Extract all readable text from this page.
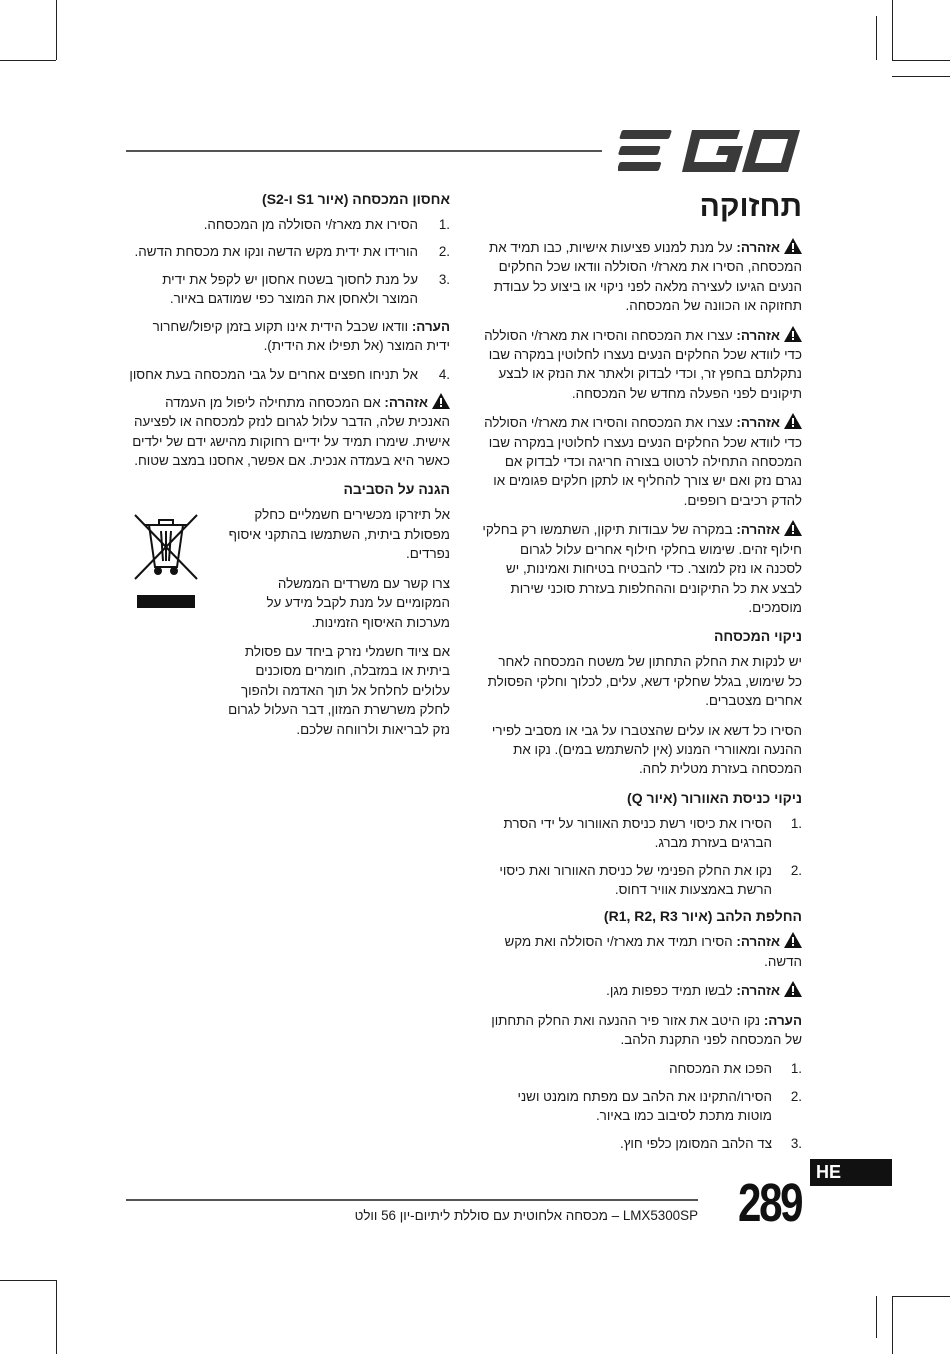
תחזוקה

אזהרה: על מנת למנוע פציעות אישיות, כבו תמיד את המכסחה, הסירו את מארז/י הסוללה וודאו שכל החלקים הנעים הגיעו לעצירה מלאה לפני ניקוי או ביצוע כל עבודת תחזוקה או הכוונה של המכסחה.

אזהרה: עצרו את המכסחה והסירו את מארז/י הסוללה כדי לוודא שכל החלקים הנעים נעצרו לחלוטין במקרה שבו נתקלתם בחפץ זר, וכדי לבדוק ולאתר את הנזק או לבצע תיקונים לפני הפעלה מחדש של המכסחה.

אזהרה: עצרו את המכסחה והסירו את מארז/י הסוללה כדי לוודא שכל החלקים הנעים נעצרו לחלוטין במקרה שבו המכסחה התחילה לרטוט בצורה חריגה וכדי לבדוק אם נגרם נזק ואם יש צורך להחליף או לתקן חלקים פגומים או להדק רכיבים רופפים.

אזהרה: במקרה של עבודות תיקון, השתמשו רק בחלקי חילוף זהים. שימוש בחלקי חילוף אחרים עלול לגרום לסכנה או נזק למוצר. כדי להבטיח בטיחות ואמינות, יש לבצע את כל התיקונים וההחלפות בעזרת סוכני שירות מוסמכים.

ניקוי המכסחה

יש לנקות את החלק התחתון של משטח המכסחה לאחר כל שימוש, בגלל שחלקי דשא, עלים, לכלוך וחלקי הפסולת אחרים מצטברים.

הסירו כל דשא או עלים שהצטברו על גבי או מסביב לפירי ההנעה ומאווררי המנוע (אין להשתמש במים). נקו את המכסחה בעזרת מטלית לחה.

ניקוי כניסת האוורור (איור Q)
1.
הסירו את כיסוי רשת כניסת האוורור על ידי הסרת הברגים בעזרת מברג.
2.
נקו את החלק הפנימי של כניסת האוורור ואת כיסוי הרשת באמצעות אוויר דחוס.
החלפת הלהב (איור R1, R2, R3)

אזהרה: הסירו תמיד את מארז/י הסוללה ואת מקש הדשה.

אזהרה: לבשו תמיד כפפות מגן.

הערה: נקו היטב את אזור פיר ההנעה ואת החלק התחתון של המכסחה לפני התקנת הלהב.

1.
הפכו את המכסחה
2.
הסירו/התקינו את הלהב עם מפתח מומנט ושני מוטות מתכת לסיבוב כמו באיור.
3.
צד הלהב המסומן כלפי חוץ.
אחסון המכסחה (איור S1 ו-S2)
1.
הסירו את מארז/י הסוללה מן המכסחה.
2.
הורידו את ידית מקש הדשה ונקו את מכסחת הדשה.
3.
על מנת לחסוך בשטח אחסון יש לקפל את ידית המוצר ולאחסן את המוצר כפי שמודגם באיור.

הערה: וודאו שכבל הידית אינו תקוע בזמן קיפול/שחרור ידית המוצר (אל תפילו את הידית).

4.
אל תניחו חפצים אחרים על גבי המכסחה בעת אחסון

אזהרה: אם המכסחה מתחילה ליפול מן העמדה האנכית שלה, הדבר עלול לגרום לנזק למכסחה או לפציעה אישית. שימרו תמיד על ידיים רחוקות מהישג ידם של ילדים כאשר היא בעמדה אנכית. אם אפשר, אחסנו במצב שטוח.

הגנה על הסביבה

אל תיזרקו מכשירים חשמליים כחלק מפסולת ביתית, השתמשו בהתקני איסוף נפרדים.

צרו קשר עם משרדים הממשלה המקומיים על מנת לקבל מידע על מערכות האיסוף הזמינות.

אם ציוד חשמלי נזרק ביחד עם פסולת ביתית או במזבלה, חומרים מסוכנים עלולים לחלחל אל תוך האדמה ולהפוך לחלק משרשרת המזון, דבר העלול לגרום נזק לבריאות ולרווחה שלכם.

LMX5300SP – מכסחה אלחוטית עם סוללת ליתיום-יון 56 וולט 289
HE
